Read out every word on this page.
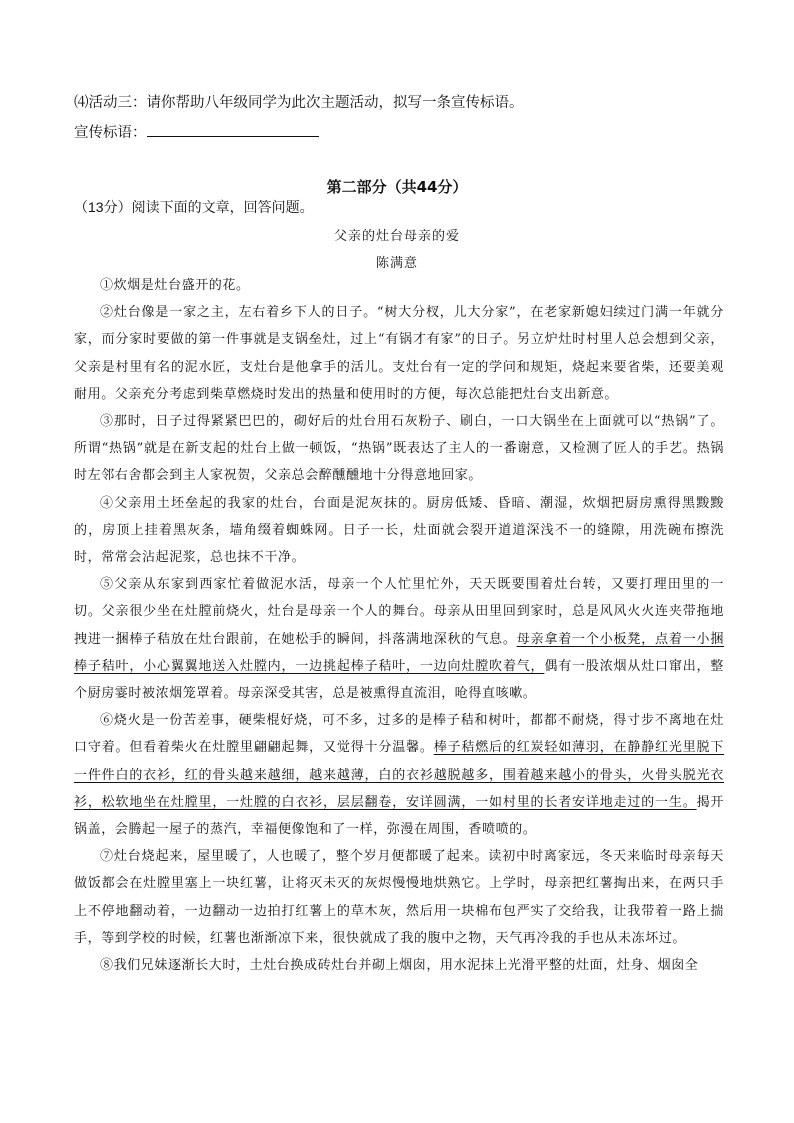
⑷活动三：请你帮助八年级同学为此次主题活动，拟写一条宣传标语。
宣传标语：
第二部分（共44分）
（13分）阅读下面的文章，回答问题。
父亲的灶台母亲的爱
陈满意

①炊烟是灶台盛开的花。

②灶台像是一家之主，左右着乡下人的日子。“树大分杈，儿大分家”，在老家新媳妇续过门满一年就分家，而分家时要做的第一件事就是支锅垒灶，过上“有锅才有家”的日子。另立炉灶时村里人总会想到父亲，父亲是村里有名的泥水匠，支灶台是他拿手的活儿。支灶台有一定的学问和规矩，烧起来要省柴，还要美观耐用。父亲充分考虑到柴草燃烧时发出的热量和使用时的方便，每次总能把灶台支出新意。

③那时，日子过得紧紧巴巴的，砌好后的灶台用石灰粉子、刷白，一口大锅坐在上面就可以“热锅”了。所谓“热锅”就是在新支起的灶台上做一顿饭，“热锅”既表达了主人的一番谢意，又检测了匠人的手艺。热锅时左邻右舍都会到主人家祝贺，父亲总会醉醺醺地十分得意地回家。

④父亲用土坯垒起的我家的灶台，台面是泥灰抹的。厨房低矮、昏暗、潮湿，炊烟把厨房熏得黑黢黢的，房顶上挂着黑灰条，墙角缀着蜘蛛网。日子一长，灶面就会裂开道道深浅不一的缝隙，用洗碗布擦洗时，常常会沾起泥浆，总也抹不干净。

⑤父亲从东家到西家忙着做泥水活，母亲一个人忙里忙外，天天既要围着灶台转，又要打理田里的一切。父亲很少坐在灶膛前烧火，灶台是母亲一个人的舞台。母亲从田里回到家时，总是风风火火连夹带拖地拽进一捆棒子秸放在灶台跟前，在她松手的瞬间，抖落满地深秋的气息。母亲拿着一个小板凳，点着一小捆棒子秸叶，小心翼翼地送入灶膛内，一边挑起棒子秸叶，一边向灶膛吹着气，偶有一股浓烟从灶口窜出，整个厨房霎时被浓烟笼罩着。母亲深受其害，总是被熏得直流泪，呛得直咳嗽。

⑥烧火是一份苦差事，硬柴棍好烧，可不多，过多的是棒子秸和树叶，都都不耐烧，得寸步不离地在灶口守着。但看着柴火在灶膛里翩翩起舞，又觉得十分温馨。棒子秸燃后的红炭轻如薄羽，在静静红光里脱下一件件白的衣衫，红的骨头越来越细，越来越薄，白的衣衫越脱越多，围着越来越小的骨头，火骨头脱光衣衫，松软地坐在灶膛里，一灶膛的白衣衫，层层翻卷，安详圆满，一如村里的长者安详地走过的一生。揭开锅盖，会腾起一屋子的蒸汽，幸福便像饱和了一样，弥漫在周围，香喷喷的。

⑦灶台烧起来，屋里暖了，人也暖了，整个岁月便都暖了起来。读初中时离家远，冬天来临时母亲每天做饭都会在灶膛里塞上一块红薯，让将灭未灭的灰烬慢慢地烘熟它。上学时，母亲把红薯掏出来，在两只手上不停地翻动着，一边翻动一边拍打红薯上的草木灰，然后用一块棉布包严实了交给我，让我带着一路上揣手，等到学校的时候，红薯也渐渐凉下来，很快就成了我的腹中之物，天气再冷我的手也从未冻坏过。

⑧我们兄妹逐渐长大时，土灶台换成砖灶台并砌上烟囱，用水泥抹上光滑平整的灶面，灶身、烟囱全
